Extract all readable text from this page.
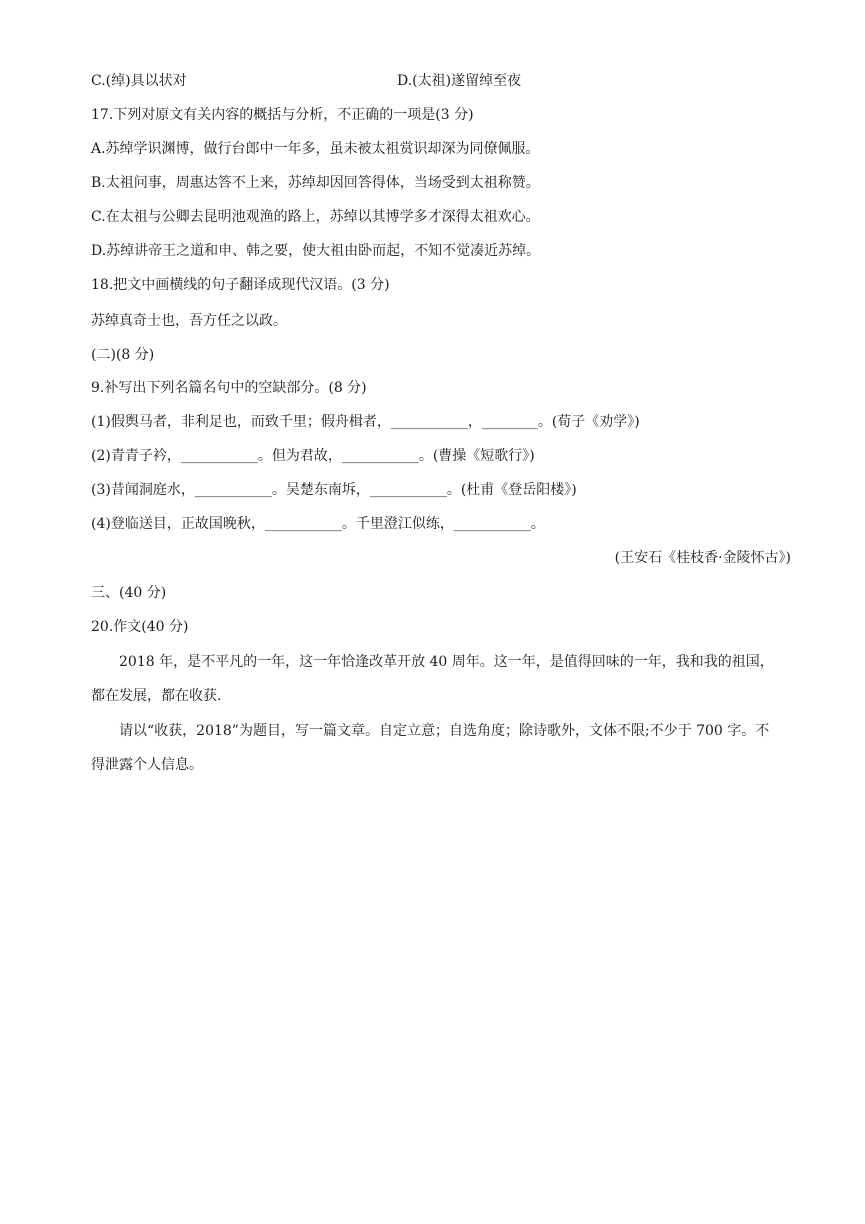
C.(绰)具以状对	D.(太祖)遂留绰至夜
17.下列对原文有关内容的概括与分析，不正确的一项是(3 分)
A.苏绰学识渊博，做行台郎中一年多，虽未被太祖赏识却深为同僚佩服。
B.太祖问事，周惠达答不上来，苏绰却因回答得体，当场受到太祖称赞。
C.在太祖与公卿去昆明池观渔的路上，苏绰以其博学多才深得太祖欢心。
D.苏绰讲帝王之道和申、韩之要，使大祖由卧而起，不知不觉凑近苏绰。
18.把文中画横线的句子翻译成现代汉语。(3 分)
苏绰真奇士也，吾方任之以政。
(二)(8 分)
9.补写出下列名篇名句中的空缺部分。(8 分)
(1)假舆马者，非利足也，而致千里；假舟楫者，___________，________。(荀子《劝学》)
(2)青青子衿，___________。但为君故，___________。(曹操《短歌行》)
(3)昔闻洞庭水，___________。吴楚东南坼，___________。(杜甫《登岳阳楼》)
(4)登临送目，正故国晚秋，___________。千里澄江似练，___________。
(王安石《桂枝香·金陵怀古》)
三、(40 分)
20.作文(40 分)
2018 年，是不平凡的一年，这一年恰逢改革开放 40 周年。这一年，是值得回味的一年，我和我的祖国，
都在发展，都在收获.
请以“收获，2018”为题目，写一篇文章。自定立意；自选角度；除诗歌外，文体不限;不少于 700 字。不
得泄露个人信息。
